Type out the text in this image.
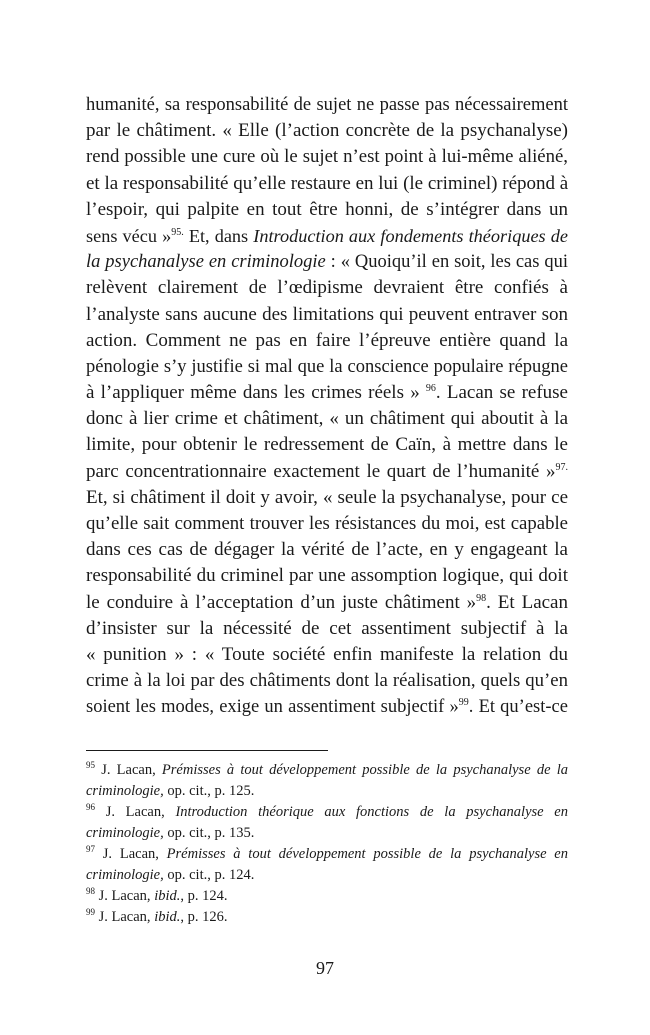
humanité, sa responsabilité de sujet ne passe pas nécessairement
par le châtiment. « Elle (l’action concrète de la psychanalyse)
rend possible une cure où le sujet n’est point à lui-même aliéné,
et la responsabilité qu’elle restaure en lui (le criminel) répond à
l’espoir, qui palpite en tout être honni, de s’intégrer dans un
sens vécu »$^{95.}$ Et, dans Introduction aux fondements théoriques de
la psychanalyse en criminologie : « Quoiqu’il en soit, les cas qui
relèvent clairement de l’œdipisme devraient être confiés à
l’analyste sans aucune des limitations qui peuvent entraver son
action. Comment ne pas en faire l’épreuve entière quand la
pénologie s’y justifie si mal que la conscience populaire répugne
à l’appliquer même dans les crimes réels » $^{96}$. Lacan se refuse
donc à lier crime et châtiment, « un châtiment qui aboutit à la
limite, pour obtenir le redressement de Caïn, à mettre dans le
parc concentrationnaire exactement le quart de l’humanité »$^{97.}$
Et, si châtiment il doit y avoir, « seule la psychanalyse, pour ce
qu’elle sait comment trouver les résistances du moi, est capable
dans ces cas de dégager la vérité de l’acte, en y engageant la
responsabilité du criminel par une assomption logique, qui doit
le conduire à l’acceptation d’un juste châtiment »$^{98}$. Et Lacan
d’insister sur la nécessité de cet assentiment subjectif à la
« punition » : « Toute société enfin manifeste la relation du
crime à la loi par des châtiments dont la réalisation, quels qu’en
soient les modes, exige un assentiment subjectif »$^{99}$. Et qu’est-ce
$^{95}$ J. Lacan, Prémisses à tout développement possible de la psychanalyse de la
criminologie, op. cit., p. 125.
$^{96}$ J. Lacan, Introduction théorique aux fonctions de la psychanalyse en
criminologie, op. cit., p. 135.
$^{97}$ J. Lacan, Prémisses à tout développement possible de la psychanalyse en
criminologie, op. cit., p. 124.
$^{98}$ J. Lacan, ibid., p. 124.
$^{99}$ J. Lacan, ibid., p. 126.
97
